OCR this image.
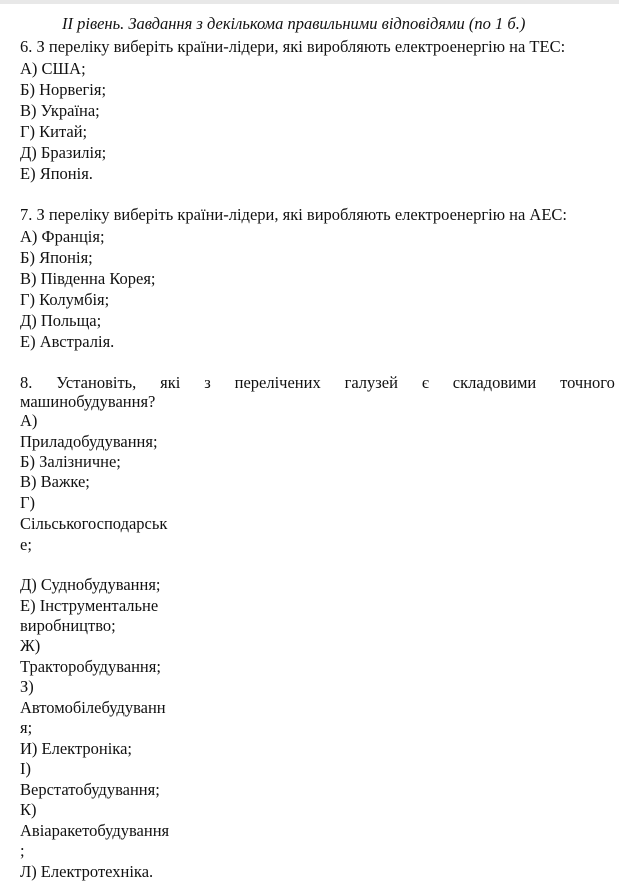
ІІ рівень. Завдання з декількома правильними відповідями (по 1 б.)
6. З переліку виберіть країни-лідери, які виробляють електроенергію на ТЕС:
А) США;
Б) Норвегія;
В) Україна;
Г) Китай;
Д) Бразилія;
Е) Японія.
7. З переліку виберіть країни-лідери, які виробляють електроенергію на АЕС:
А) Франція;
Б) Японія;
В) Південна Корея;
Г) Колумбія;
Д) Польща;
Е) Австралія.
8. Установіть, які з перелічених галузей є складовими точного
машинобудування?
А)
Приладобудування;
Б) Залізничне;
В) Важке;
Г)
Сільськогосподарськ
е;
Д) Суднобудування;
Е) Інструментальне
виробництво;
Ж)
Тракторобудування;
З)
Автомобілебудуванн
я;
И) Електроніка;
І)
Верстатобудування;
К)
Авіаракетобудування
;
Л) Електротехніка.
